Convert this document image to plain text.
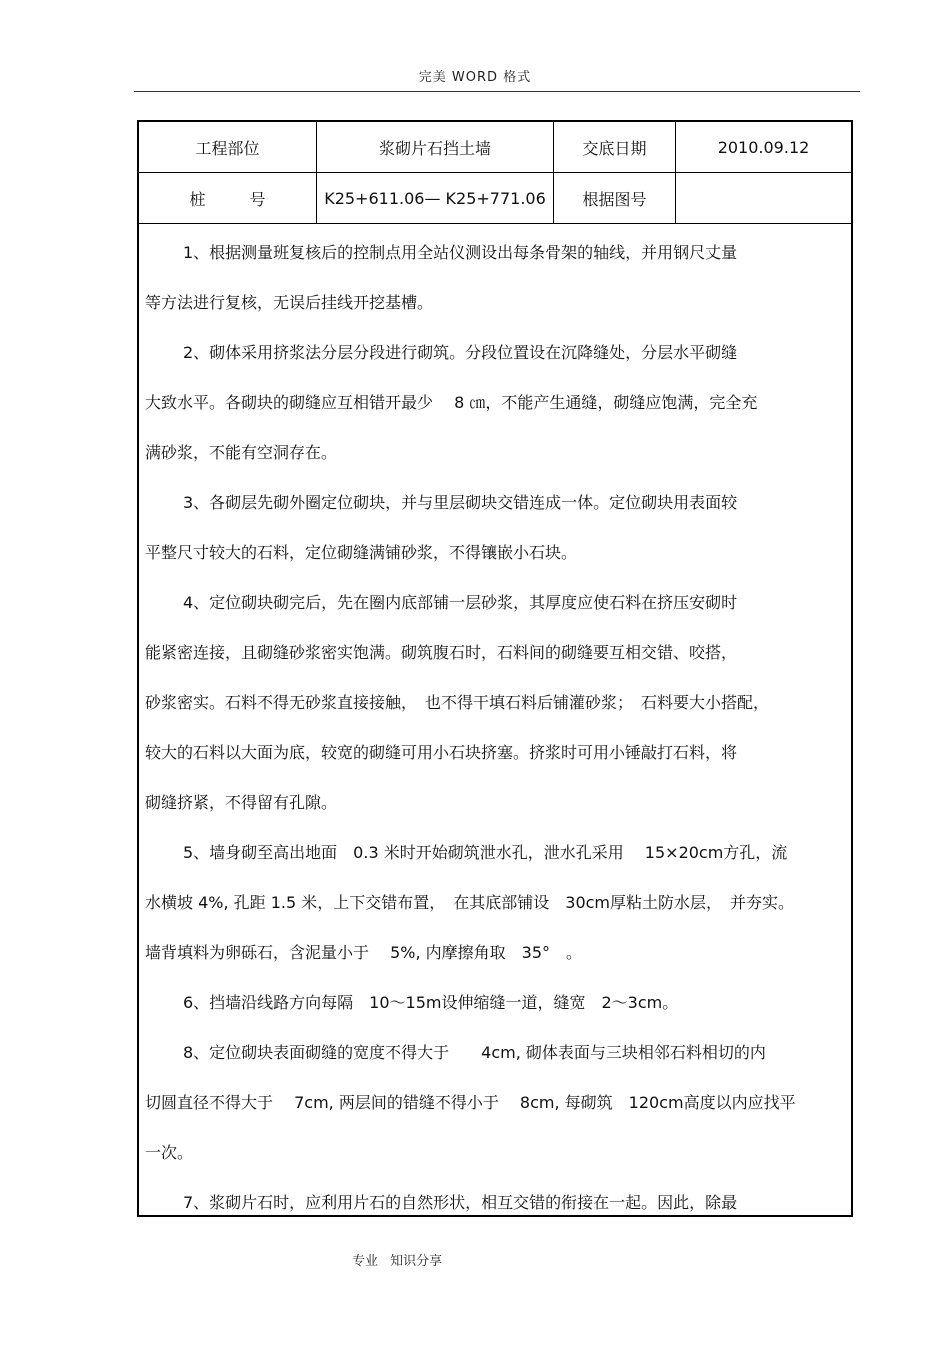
完美 WORD 格式
工程部位	浆砌片石挡土墙	交底日期	2010.09.12
桩号 K25+611.06— K25+771.06	根据图号

1、根据测量班复核后的控制点用全站仪测设出每条骨架的轴线，并用钢尺丈量

等方法进行复核，无误后挂线开挖基槽。

2、砌体采用挤浆法分层分段进行砌筑。分段位置设在沉降缝处，分层水平砌缝

大致水平。各砌块的砌缝应互相错开最少　 8 ㎝，不能产生通缝，砌缝应饱满，完全充

满砂浆，不能有空洞存在。

3、各砌层先砌外圈定位砌块，并与里层砌块交错连成一体。定位砌块用表面较

平整尺寸较大的石料，定位砌缝满铺砂浆，不得镶嵌小石块。

4、定位砌块砌完后，先在圈内底部铺一层砂浆，其厚度应使石料在挤压安砌时

能紧密连接，且砌缝砂浆密实饱满。砌筑腹石时，石料间的砌缝要互相交错、咬搭，

砂浆密实。石料不得无砂浆直接接触，　也不得干填石料后铺灌砂浆；　石料要大小搭配，

较大的石料以大面为底，较宽的砌缝可用小石块挤塞。挤浆时可用小锤敲打石料，将

砌缝挤紧，不得留有孔隙。

5、墙身砌至高出地面　0.3 米时开始砌筑泄水孔，泄水孔采用　 15×20cm方孔，流

水横坡 4%, 孔距 1.5 米，上下交错布置，　在其底部铺设　30cm厚粘土防水层，　并夯实。

墙背填料为卵砾石，含泥量小于　 5%, 内摩擦角取　35°　。

6、挡墙沿线路方向每隔　10～15m设伸缩缝一道，缝宽　2～3cm。

8、定位砌块表面砌缝的宽度不得大于　　4cm, 砌体表面与三块相邻石料相切的内

切圆直径不得大于　 7cm, 两层间的错缝不得小于　 8cm, 每砌筑　120cm高度以内应找平

一次。

7、浆砌片石时，应利用片石的自然形状，相互交错的衔接在一起。因此，除最

专业 知识分享
